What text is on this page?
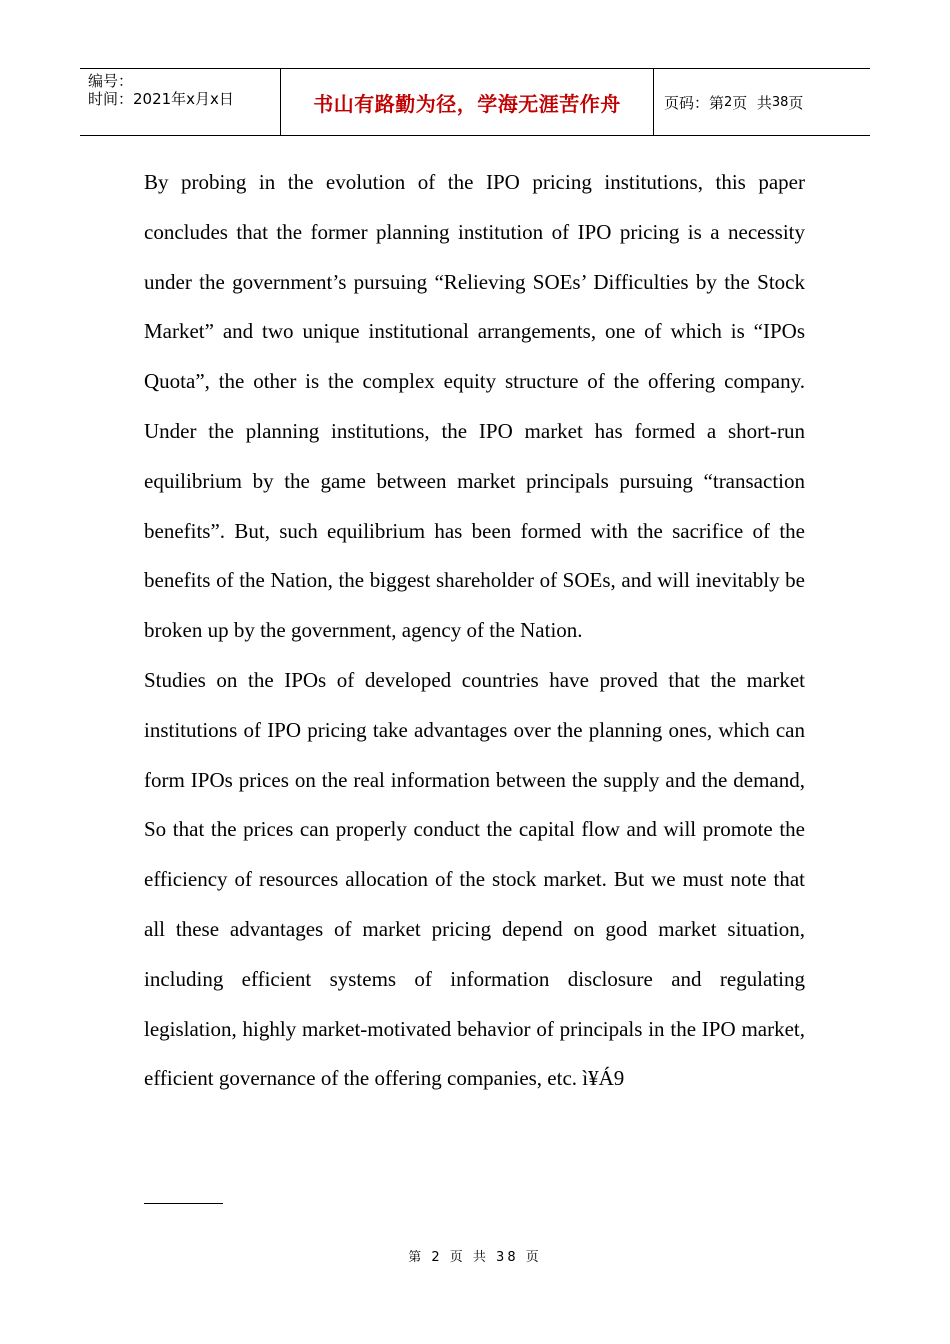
编号：
时间：2021年x月x日	书山有路勤为径，学海无涯苦作舟	页码：第 2 页  共 38 页

By probing in the evolution of the IPO pricing institutions, this paper concludes that the former planning institution of IPO pricing is a necessity under the government’s pursuing “Relieving SOEs’ Difficulties by the Stock Market” and two unique institutional arrangements, one of which is “IPOs Quota”, the other is the complex equity structure of the offering company. Under the planning institutions, the IPO market has formed a short-run equilibrium by the game between market principals pursuing “transaction benefits”. But, such equilibrium has been formed with the sacrifice of the benefits of the Nation, the biggest shareholder of SOEs, and will inevitably be broken up by the government, agency of the Nation.

Studies on the IPOs of developed countries have proved that the market institutions of IPO pricing take advantages over the planning ones, which can form IPOs prices on the real information between the supply and the demand, So that the prices can properly conduct the capital flow and will promote the efficiency of resources allocation of the stock market. But we must note that all these advantages of market pricing depend on good market situation, including efficient systems of information disclosure and regulating legislation, highly market-motivated behavior of principals in the IPO market, efficient governance of the offering companies, etc. ì¥Á9

第 2 页 共 38 页
